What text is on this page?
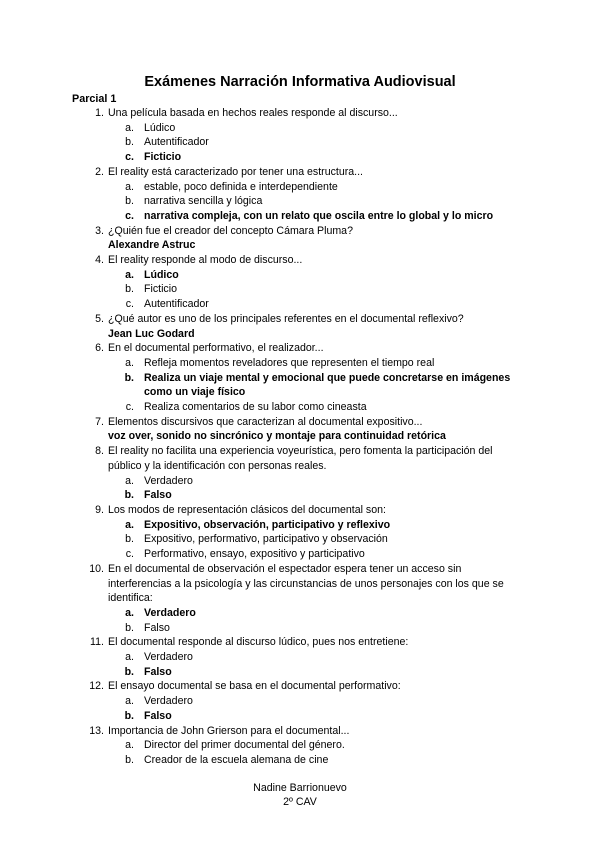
Exámenes Narración Informativa Audiovisual
Parcial 1
1. Una película basada en hechos reales responde al discurso...
a. Lúdico
b. Autentificador
c. Ficticio
2. El reality está caracterizado por tener una estructura...
a. estable, poco definida e interdependiente
b. narrativa sencilla y lógica
c. narrativa compleja, con un relato que oscila entre lo global y lo micro
3. ¿Quién fue el creador del concepto Cámara Pluma?
Alexandre Astruc
4. El reality responde al modo de discurso...
a. Lúdico
b. Ficticio
c. Autentificador
5. ¿Qué autor es uno de los principales referentes en el documental reflexivo?
Jean Luc Godard
6. En el documental performativo, el realizador...
a. Refleja momentos reveladores que representen el tiempo real
b. Realiza un viaje mental y emocional que puede concretarse en imágenes como un viaje físico
c. Realiza comentarios de su labor como cineasta
7. Elementos discursivos que caracterizan al documental expositivo...
voz over, sonido no sincrónico y montaje para continuidad retórica
8. El reality no facilita una experiencia voyeurística, pero fomenta la participación del público y la identificación con personas reales.
a. Verdadero
b. Falso
9. Los modos de representación clásicos del documental son:
a. Expositivo, observación, participativo y reflexivo
b. Expositivo, performativo, participativo y observación
c. Performativo, ensayo, expositivo y participativo
10. En el documental de observación el espectador espera tener un acceso sin interferencias a la psicología y las circunstancias de unos personajes con los que se identifica:
a. Verdadero
b. Falso
11. El documental responde al discurso lúdico, pues nos entretiene:
a. Verdadero
b. Falso
12. El ensayo documental se basa en el documental performativo:
a. Verdadero
b. Falso
13. Importancia de John Grierson para el documental...
a. Director del primer documental del género.
b. Creador de la escuela alemana de cine
Nadine Barrionuevo
2º CAV
